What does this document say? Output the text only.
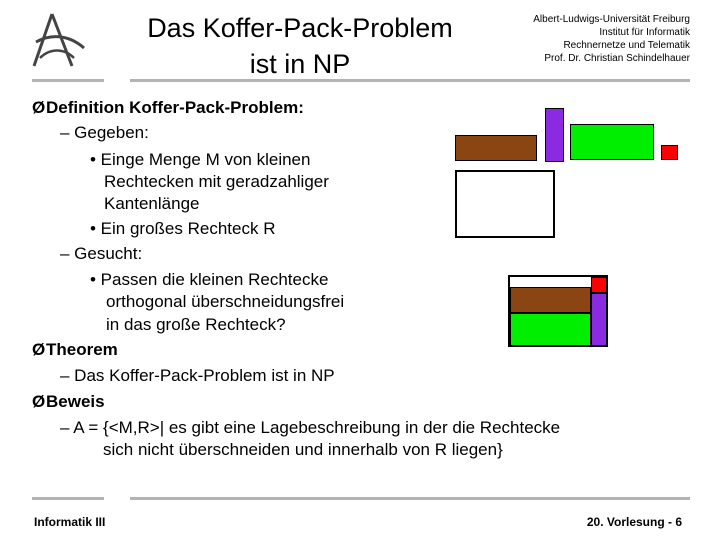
Das Koffer-Pack-Problem
ist in NP
Albert-Ludwigs-Universität Freiburg
Institut für Informatik
Rechnernetze und Telematik
Prof. Dr. Christian Schindelhauer
ØDefinition Koffer-Pack-Problem:
– Gegeben:
• Einge Menge M von kleinen
Rechtecken mit geradzahliger
Kantenlänge
• Ein großes Rechteck R
– Gesucht:
• Passen die kleinen Rechtecke
orthogonal überschneidungsfrei
in das große Rechteck?
ØTheorem
– Das Koffer-Pack-Problem ist in NP
ØBeweis
– A = {<M,R>| es gibt eine Lagebeschreibung in der die Rechtecke
sich nicht überschneiden und innerhalb von R liegen}
Informatik III	20. Vorlesung - 6
